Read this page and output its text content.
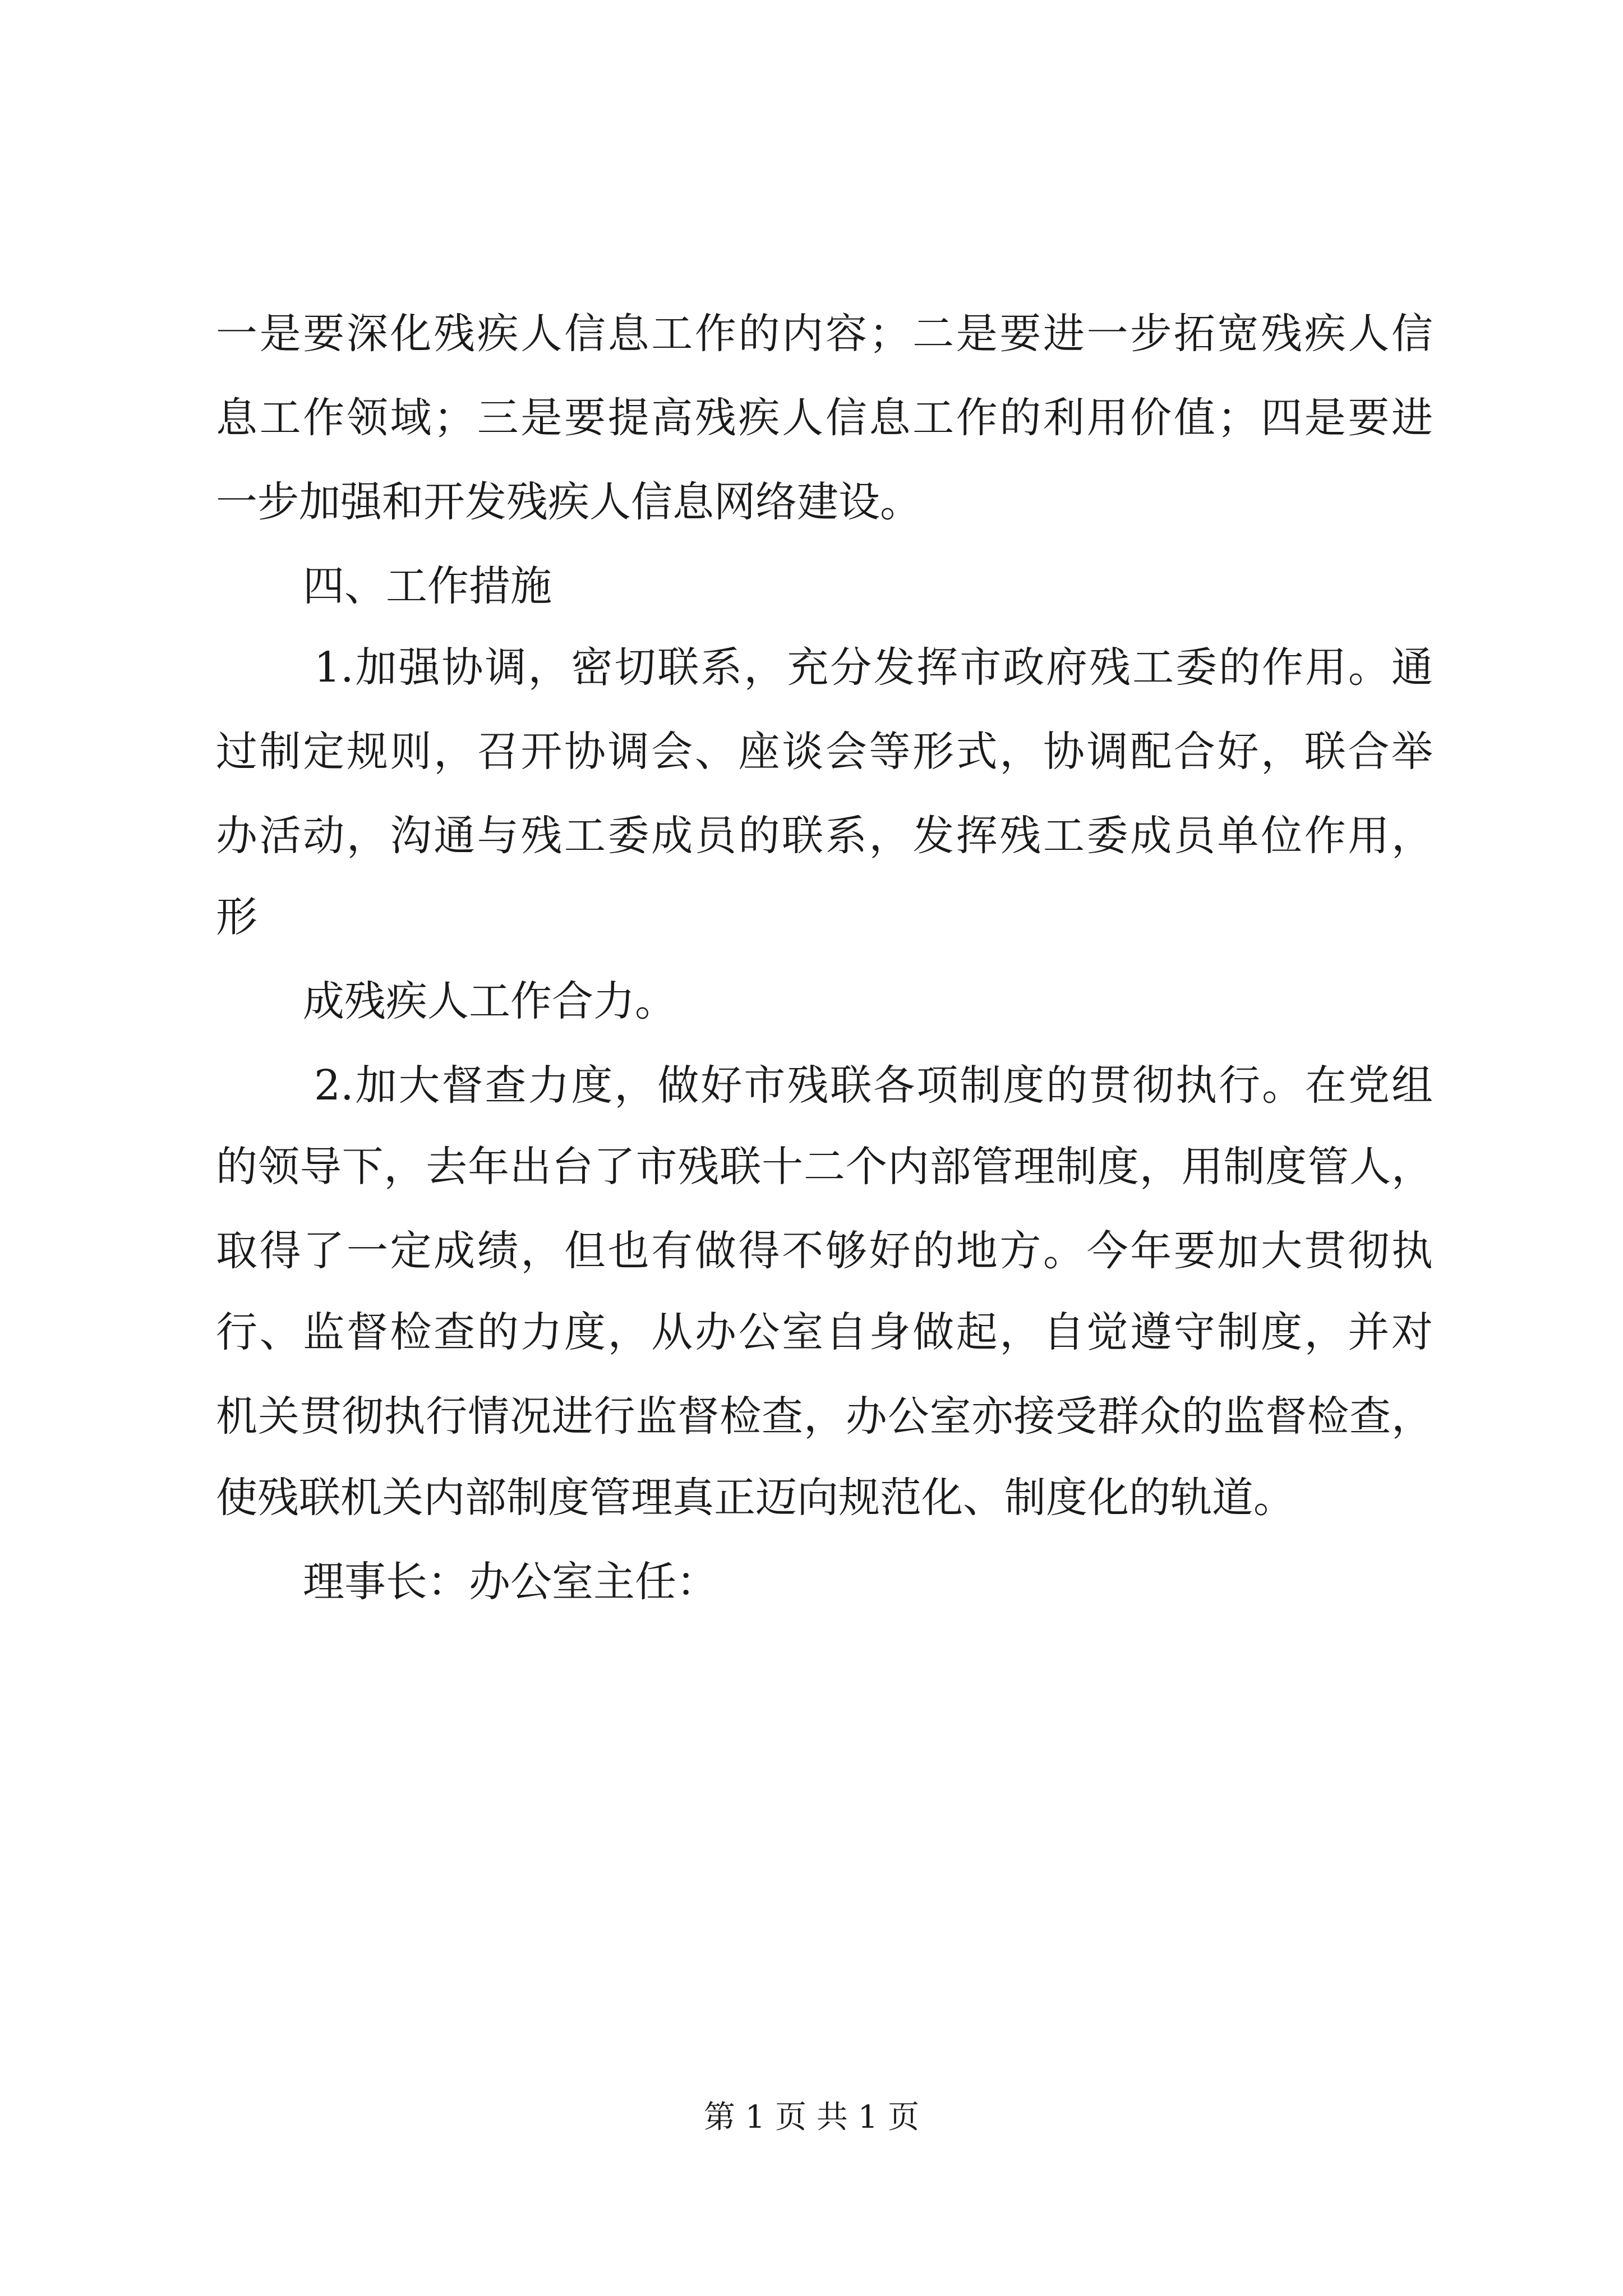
一是要深化残疾人信息工作的内容；二是要进一步拓宽残疾人信
息工作领域；三是要提高残疾人信息工作的利用价值；四是要进
一步加强和开发残疾人信息网络建设。
四、工作措施
1.加强协调，密切联系，充分发挥市政府残工委的作用。通
过制定规则，召开协调会、座谈会等形式，协调配合好，联合举
办活动，沟通与残工委成员的联系，发挥残工委成员单位作用，
形
成残疾人工作合力。
2.加大督查力度，做好市残联各项制度的贯彻执行。在党组
的领导下，去年出台了市残联十二个内部管理制度，用制度管人，
取得了一定成绩，但也有做得不够好的地方。今年要加大贯彻执
行、监督检查的力度，从办公室自身做起，自觉遵守制度，并对
机关贯彻执行情况进行监督检查，办公室亦接受群众的监督检查，
使残联机关内部制度管理真正迈向规范化、制度化的轨道。
理事长：办公室主任：
第 1 页 共 1 页
